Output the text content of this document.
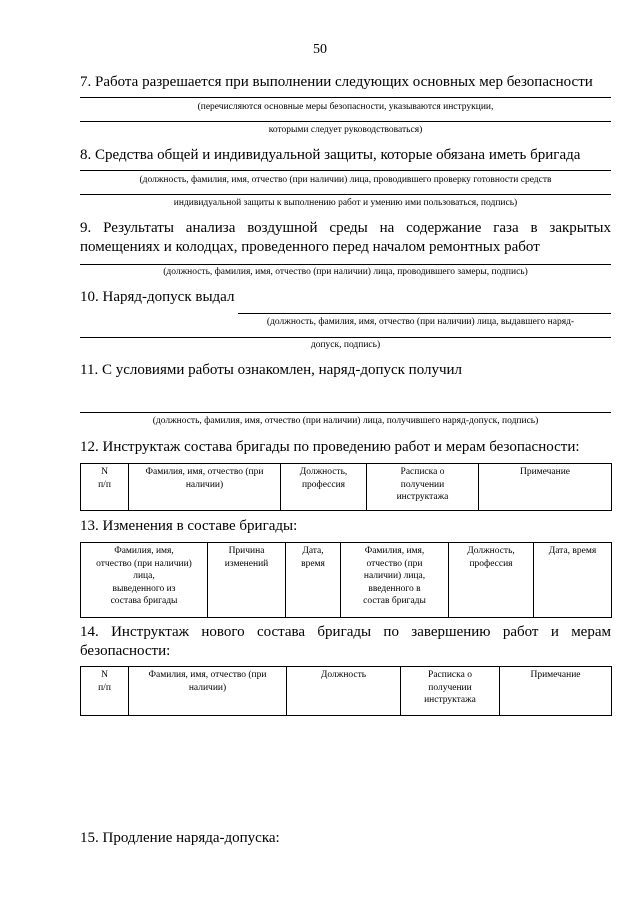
50
7. Работа разрешается при выполнении следующих основных мер безопасности
(перечисляются основные меры безопасности, указываются инструкции,
которыми следует руководствоваться)
8. Средства общей и индивидуальной защиты, которые обязана иметь бригада
(должность, фамилия, имя, отчество (при наличии) лица, проводившего проверку готовности средств
индивидуальной защиты к выполнению работ и умению ими пользоваться, подпись)
9. Результаты анализа воздушной среды на содержание газа в закрытых
помещениях и колодцах, проведенного перед началом ремонтных работ
(должность, фамилия, имя, отчество (при наличии) лица, проводившего замеры, подпись)
10. Наряд-допуск выдал
(должность, фамилия, имя, отчество (при наличии) лица, выдавшего наряд-
допуск, подпись)
11. С условиями работы ознакомлен, наряд-допуск получил
(должность, фамилия, имя, отчество (при наличии) лица, получившего наряд-допуск, подпись)
12. Инструктаж состава бригады по проведению работ и мерам безопасности:
N
п/п	Фамилия, имя, отчество (при
наличии)	Должность,
профессия	Расписка о
получении
инструктажа	Примечание
13. Изменения в составе бригады:
Фамилия, имя,
отчество (при наличии)
лица,
выведенного из
состава бригады	Причина
изменений	Дата,
время	Фамилия, имя,
отчество (при
наличии) лица,
введенного в
состав бригады	Должность,
профессия	Дата, время
14. Инструктаж нового состава бригады по завершению работ и мерам
безопасности:
N
п/п	Фамилия, имя, отчество (при
наличии)	Должность	Расписка о
получении
инструктажа	Примечание
15. Продление наряда-допуска:
